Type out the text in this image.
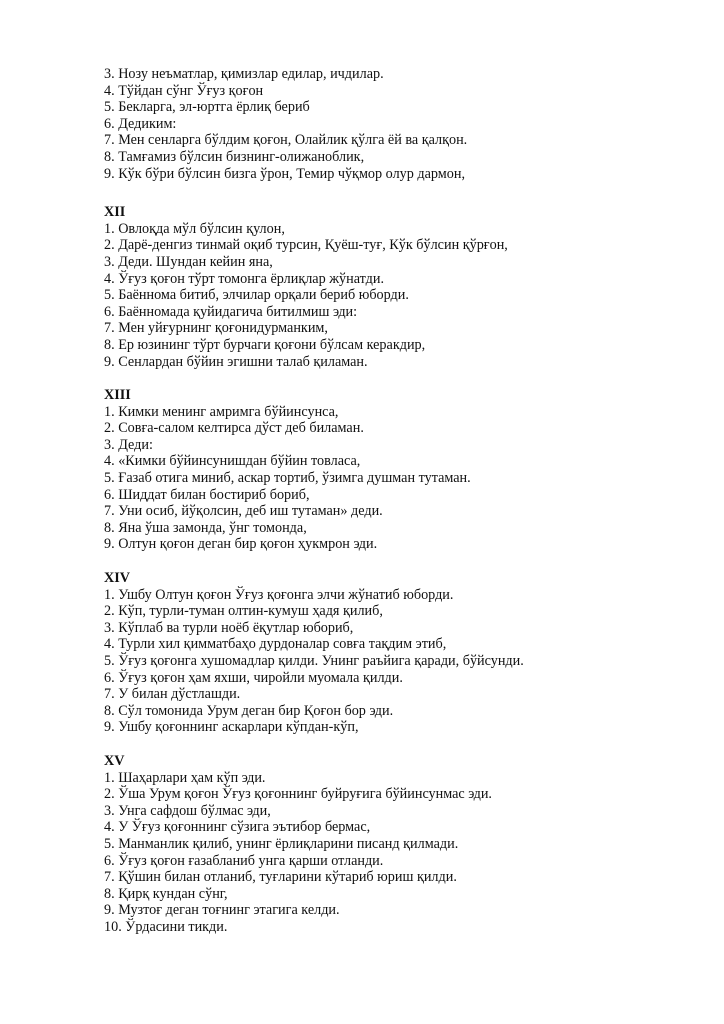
3. Нозу неъматлар, қимизлар едилар, ичдилар.
4. Тўйдан сўнг Ўғуз қоғон
5. Бекларга, эл-юртга ёрлиқ бериб
6. Дедиким:
7. Мен сенларга бўлдим қоғон, Олайлик қўлга ёй ва қалқон.
8. Тамғамиз бўлсин бизнинг-олижаноблик,
9. Кўк бўри бўлсин бизга ўрон, Темир чўқмор олур дармон,
XII
1. Овлоқда мўл бўлсин қулон,
2. Дарё-денгиз тинмай оқиб турсин, Қуёш-туғ, Кўк бўлсин қўрғон,
3. Деди. Шундан кейин яна,
4. Ўғуз қоғон тўрт томонга ёрлиқлар жўнатди.
5. Баённома битиб, элчилар орқали бериб юборди.
6. Баённомада қуйидагича битилмиш эди:
7. Мен уйғурнинг қоғонидурманким,
8. Ер юзининг тўрт бурчаги қоғони бўлсам керакдир,
9. Сенлардан бўйин эгишни талаб қиламан.
XIII
1. Кимки менинг амримга бўйинсунса,
2. Совға-салом келтирса дўст деб биламан.
3. Деди:
4. «Кимки бўйинсунишдан бўйин товласа,
5. Ғазаб отига миниб, аскар тортиб, ўзимга душман тутаман.
6. Шиддат билан бостириб бориб,
7. Уни осиб, йўқолсин, деб иш тутаман» деди.
8. Яна ўша замонда, ўнг томонда,
9. Олтун қоғон деган бир қоғон ҳукмрон эди.
XIV
1. Ушбу Олтун қоғон Ўғуз қоғонга элчи жўнатиб юборди.
2. Кўп, турли-туман олтин-кумуш ҳадя қилиб,
3. Кўплаб ва турли ноёб ёқутлар юбориб,
4. Турли хил қимматбаҳо дурдоналар совға тақдим этиб,
5. Ўғуз қоғонга хушомадлар қилди. Унинг раъйига қаради, бўйсунди.
6. Ўғуз қоғон ҳам яхши, чиройли муомала қилди.
7. У билан дўстлашди.
8. Сўл томонида Урум деган бир Қоғон бор эди.
9. Ушбу қоғоннинг аскарлари кўпдан-кўп,
XV
1. Шаҳарлари ҳам кўп эди.
2. Ўша Урум қоғон Ўғуз қоғоннинг буйруғига бўйинсунмас эди.
3. Унга сафдош бўлмас эди,
4. У Ўғуз қоғоннинг сўзига эътибор бермас,
5. Манманлик қилиб, унинг ёрлиқларини писанд қилмади.
6. Ўғуз қоғон ғазабланиб унга қарши отланди.
7. Қўшин билан отланиб, туғларини кўтариб юриш қилди.
8. Қирқ кундан сўнг,
9. Музтоғ деган тоғнинг этагига келди.
10. Ўрдасини тикди.
